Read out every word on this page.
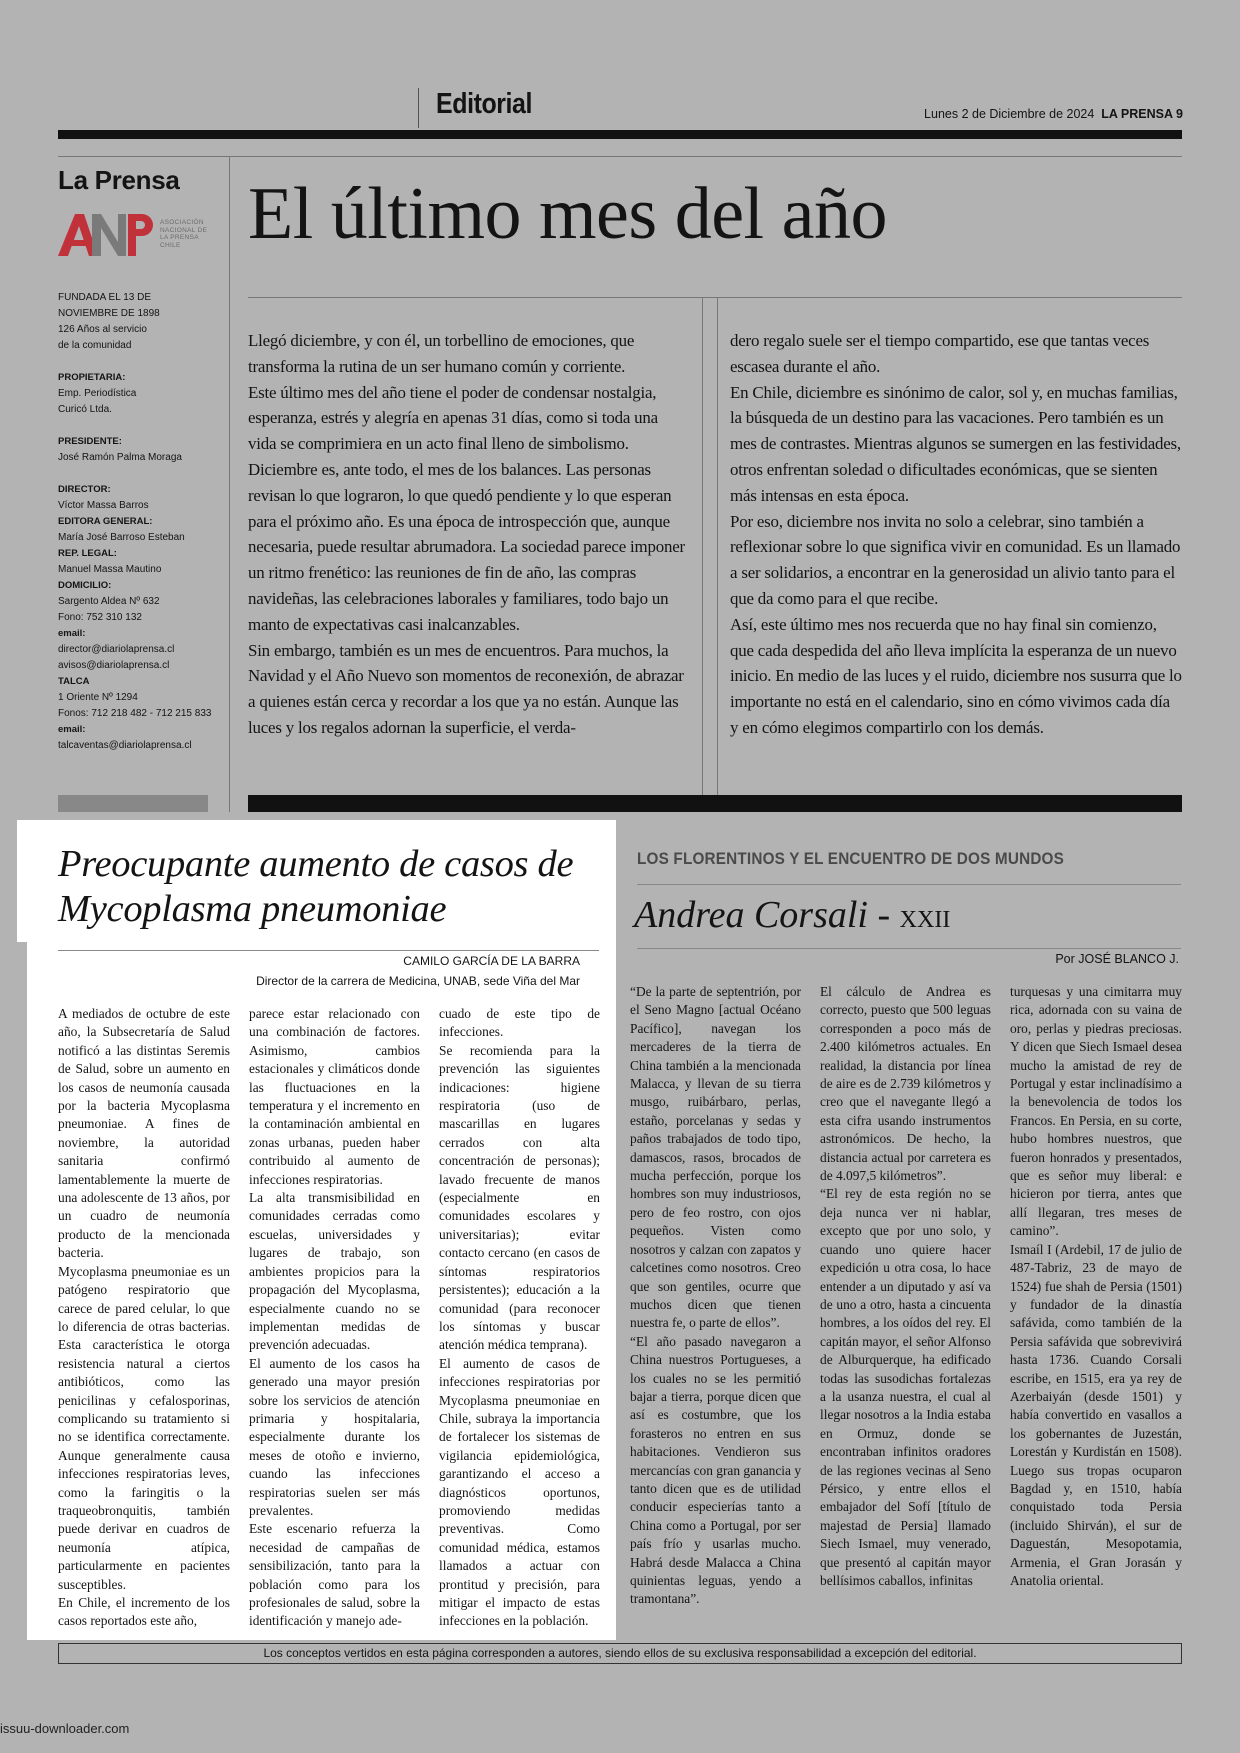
Editorial	Lunes 2 de Diciembre de 2024 LA PRENSA 9
La Prensa
ASOCIACIÓN NACIONAL DE LA PRENSA CHILE
FUNDADA EL 13 DE
NOVIEMBRE DE 1898
126 Años al servicio
de la comunidad
PROPIETARIA:
Emp. Periodística
Curicó Ltda.
PRESIDENTE:
José Ramón Palma Moraga
DIRECTOR:
Víctor Massa Barros
EDITORA GENERAL:
María José Barroso Esteban
REP. LEGAL:
Manuel Massa Mautino
DOMICILIO:
Sargento Aldea Nº 632
Fono: 752 310 132
email:
director@diariolaprensa.cl
avisos@diariolaprensa.cl
TALCA
1 Oriente Nº 1294
Fonos: 712 218 482 - 712 215 833
email:
talcaventas@diariolaprensa.cl
El último mes del año

Llegó diciembre, y con él, un torbellino de emociones, que transforma la rutina de un ser humano común y corriente.

Este último mes del año tiene el poder de condensar nostalgia, esperanza, estrés y alegría en apenas 31 días, como si toda una vida se comprimiera en un acto final lleno de simbolismo.

Diciembre es, ante todo, el mes de los balances. Las personas revisan lo que lograron, lo que quedó pendiente y lo que esperan para el próximo año. Es una época de introspección que, aunque necesaria, puede resultar abrumadora. La sociedad parece imponer un ritmo frenético: las reuniones de fin de año, las compras navideñas, las celebraciones laborales y familiares, todo bajo un manto de expectativas casi inalcanzables.

Sin embargo, también es un mes de encuentros. Para muchos, la Navidad y el Año Nuevo son momentos de reconexión, de abrazar a quienes están cerca y recordar a los que ya no están. Aunque las luces y los regalos adornan la superficie, el verda-

dero regalo suele ser el tiempo compartido, ese que tantas veces escasea durante el año.

En Chile, diciembre es sinónimo de calor, sol y, en muchas familias, la búsqueda de un destino para las vacaciones. Pero también es un mes de contrastes. Mientras algunos se sumergen en las festividades, otros enfrentan soledad o dificultades económicas, que se sienten más intensas en esta época.

Por eso, diciembre nos invita no solo a celebrar, sino también a reflexionar sobre lo que significa vivir en comunidad. Es un llamado a ser solidarios, a encontrar en la generosidad un alivio tanto para el que da como para el que recibe.

Así, este último mes nos recuerda que no hay final sin comienzo, que cada despedida del año lleva implícita la esperanza de un nuevo inicio. En medio de las luces y el ruido, diciembre nos susurra que lo importante no está en el calendario, sino en cómo vivimos cada día y en cómo elegimos compartirlo con los demás.

Preocupante aumento de casos de Mycoplasma pneumoniae
CAMILO GARCÍA DE LA BARRA
Director de la carrera de Medicina, UNAB, sede Viña del Mar

A mediados de octubre de este año, la Subsecretaría de Salud notificó a las distintas Seremis de Salud, sobre un aumento en los casos de neumonía causada por la bacteria Mycoplasma pneumoniae. A fines de noviembre, la autoridad sanitaria confirmó lamentablemente la muerte de una adolescente de 13 años, por un cuadro de neumonía producto de la mencionada bacteria.

Mycoplasma pneumoniae es un patógeno respiratorio que carece de pared celular, lo que lo diferencia de otras bacterias. Esta característica le otorga resistencia natural a ciertos antibióticos, como las penicilinas y cefalosporinas, complicando su tratamiento si no se identifica correctamente. Aunque generalmente causa infecciones respiratorias leves, como la faringitis o la traqueobronquitis, también puede derivar en cuadros de neumonía atípica, particularmente en pacientes susceptibles.

En Chile, el incremento de los casos reportados este año,

parece estar relacionado con una combinación de factores. Asimismo, cambios estacionales y climáticos donde las fluctuaciones en la temperatura y el incremento en la contaminación ambiental en zonas urbanas, pueden haber contribuido al aumento de infecciones respiratorias.

La alta transmisibilidad en comunidades cerradas como escuelas, universidades y lugares de trabajo, son ambientes propicios para la propagación del Mycoplasma, especialmente cuando no se implementan medidas de prevención adecuadas.

El aumento de los casos ha generado una mayor presión sobre los servicios de atención primaria y hospitalaria, especialmente durante los meses de otoño e invierno, cuando las infecciones respiratorias suelen ser más prevalentes.

Este escenario refuerza la necesidad de campañas de sensibilización, tanto para la población como para los profesionales de salud, sobre la identificación y manejo ade-

cuado de este tipo de infecciones.

Se recomienda para la prevención las siguientes indicaciones: higiene respiratoria (uso de mascarillas en lugares cerrados con alta concentración de personas); lavado frecuente de manos (especialmente en comunidades escolares y universitarias); evitar contacto cercano (en casos de síntomas respiratorios persistentes); educación a la comunidad (para reconocer los síntomas y buscar atención médica temprana).

El aumento de casos de infecciones respiratorias por Mycoplasma pneumoniae en Chile, subraya la importancia de fortalecer los sistemas de vigilancia epidemiológica, garantizando el acceso a diagnósticos oportunos, promoviendo medidas preventivas. Como comunidad médica, estamos llamados a actuar con prontitud y precisión, para mitigar el impacto de estas infecciones en la población.

LOS FLORENTINOS Y EL ENCUENTRO DE DOS MUNDOS
Andrea Corsali - XXII
Por JOSÉ BLANCO J.

“De la parte de septentrión, por el Seno Magno [actual Océano Pacífico], navegan los mercaderes de la tierra de China también a la mencionada Malacca, y llevan de su tierra musgo, ruibárbaro, perlas, estaño, porcelanas y sedas y paños trabajados de todo tipo, damascos, rasos, brocados de mucha perfección, porque los hombres son muy industriosos, pero de feo rostro, con ojos pequeños. Visten como nosotros y calzan con zapatos y calcetines como nosotros. Creo que son gentiles, ocurre que muchos dicen que tienen nuestra fe, o parte de ellos”.

“El año pasado navegaron a China nuestros Portugueses, a los cuales no se les permitió bajar a tierra, porque dicen que así es costumbre, que los forasteros no entren en sus habitaciones. Vendieron sus mercancías con gran ganancia y tanto dicen que es de utilidad conducir especierías tanto a China como a Portugal, por ser país frío y usarlas mucho. Habrá desde Malacca a China quinientas leguas, yendo a tramontana”.

El cálculo de Andrea es correcto, puesto que 500 leguas corresponden a poco más de 2.400 kilómetros actuales. En realidad, la distancia por línea de aire es de 2.739 kilómetros y creo que el navegante llegó a esta cifra usando instrumentos astronómicos. De hecho, la distancia actual por carretera es de 4.097,5 kilómetros”.

“El rey de esta región no se deja nunca ver ni hablar, excepto que por uno solo, y cuando uno quiere hacer expedición u otra cosa, lo hace entender a un diputado y así va de uno a otro, hasta a cincuenta hombres, a los oídos del rey. El capitán mayor, el señor Alfonso de Alburquerque, ha edificado todas las susodichas fortalezas a la usanza nuestra, el cual al llegar nosotros a la India estaba en Ormuz, donde se encontraban infinitos oradores de las regiones vecinas al Seno Pérsico, y entre ellos el embajador del Sofí [título de majestad de Persia] llamado Siech Ismael, muy venerado, que presentó al capitán mayor bellísimos caballos, infinitas

turquesas y una cimitarra muy rica, adornada con su vaina de oro, perlas y piedras preciosas. Y dicen que Siech Ismael desea mucho la amistad de rey de Portugal y estar inclinadísimo a la benevolencia de todos los Francos. En Persia, en su corte, hubo hombres nuestros, que fueron honrados y presentados, que es señor muy liberal: e hicieron por tierra, antes que allí llegaran, tres meses de camino”.

Ismaíl I (Ardebil, 17 de julio de 487-Tabriz, 23 de mayo de 1524) fue shah de Persia (1501) y fundador de la dinastía safávida, como también de la Persia safávida que sobrevivirá hasta 1736. Cuando Corsali escribe, en 1515, era ya rey de Azerbaiyán (desde 1501) y había convertido en vasallos a los gobernantes de Juzestán, Lorestán y Kurdistán en 1508). Luego sus tropas ocuparon Bagdad y, en 1510, había conquistado toda Persia (incluido Shirván), el sur de Daguestán, Mesopotamia, Armenia, el Gran Jorasán y Anatolia oriental.

Los conceptos vertidos en esta página corresponden a autores, siendo ellos de su exclusiva responsabilidad a excepción del editorial.
issuu-downloader.com
